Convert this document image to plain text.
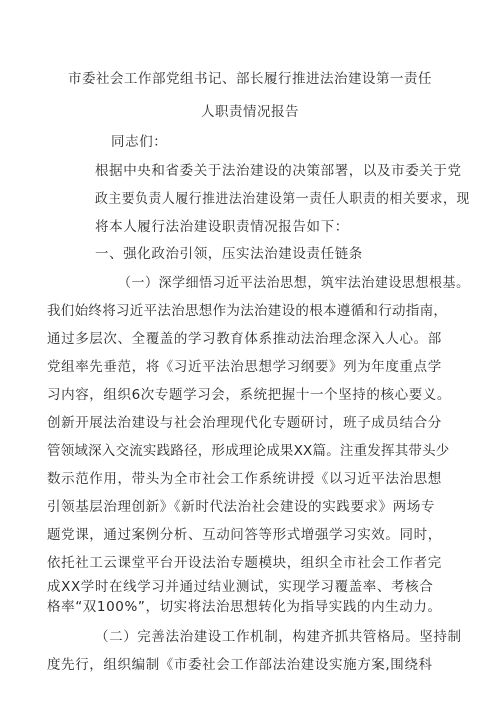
市委社会工作部党组书记、部长履行推进法治建设第一责任
人职责情况报告
同志们：
根据中央和省委关于法治建设的决策部署，以及市委关于党
政主要负责人履行推进法治建设第一责任人职责的相关要求，现
将本人履行法治建设职责情况报告如下：
一、强化政治引领，压实法治建设责任链条
（一）深学细悟习近平法治思想，筑牢法治建设思想根基。
我们始终将习近平法治思想作为法治建设的根本遵循和行动指南，
通过多层次、全覆盖的学习教育体系推动法治理念深入人心。部
党组率先垂范，将《习近平法治思想学习纲要》列为年度重点学
习内容，组织6次专题学习会，系统把握十一个坚持的核心要义。
创新开展法治建设与社会治理现代化专题研讨，班子成员结合分
管领域深入交流实践路径，形成理论成果XX篇。注重发挥其带头少
数示范作用，带头为全市社会工作系统讲授《以习近平法治思想
引领基层治理创新》《新时代法治社会建设的实践要求》两场专
题党课，通过案例分析、互动问答等形式增强学习实效。同时，
依托社工云课堂平台开设法治专题模块，组织全市社会工作者完
成XX学时在线学习并通过结业测试，实现学习覆盖率、考核合
格率“双100%”，切实将法治思想转化为指导实践的内生动力。
（二）完善法治建设工作机制，构建齐抓共管格局。坚持制
度先行，组织编制《市委社会工作部法治建设实施方案,围绕科
